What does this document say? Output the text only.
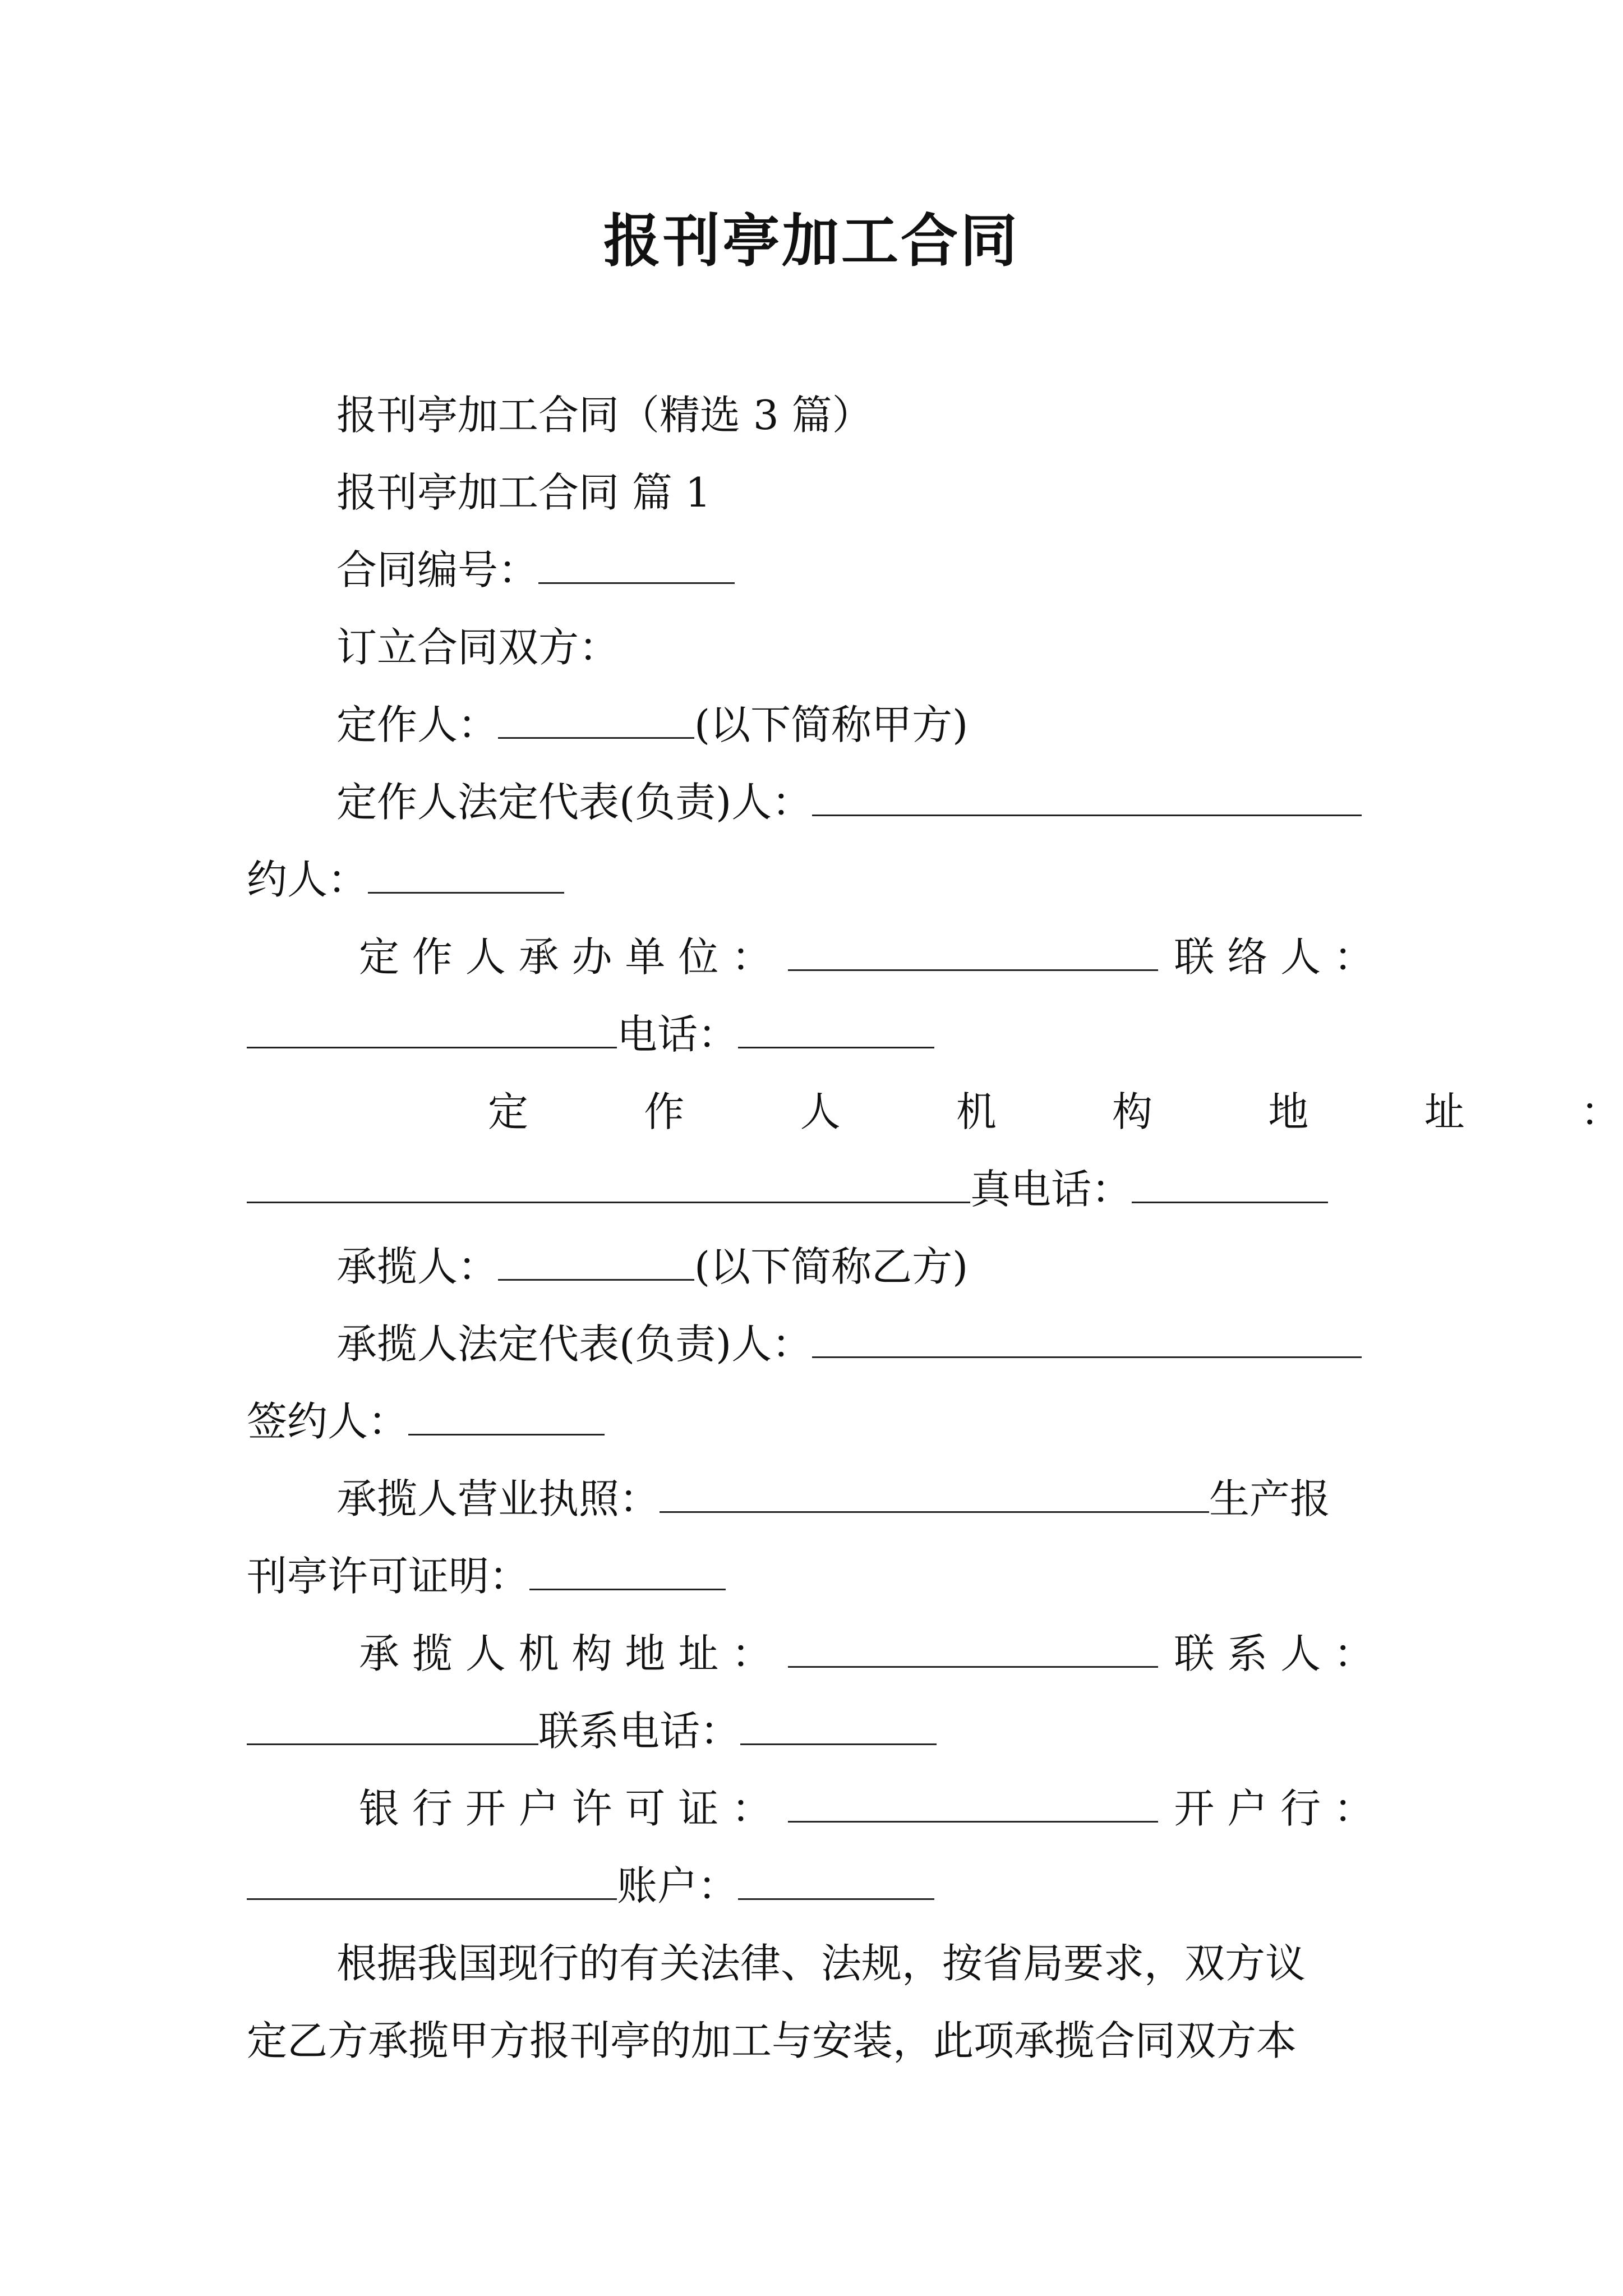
报刊亭加工合同
报刊亭加工合同（精选 3 篇）
报刊亭加工合同 篇 1
合同编号：
订立合同双方：
定作人：	(以下简称甲方)
定作人法定代表(负责)人：
约人：
定 作 人 承 办 单 位 ：	联 络 人 ：
电话：
定	作	人	机	构	地	址	：
真电话：
承揽人：	(以下简称乙方)
承揽人法定代表(负责)人：
签约人：
承揽人营业执照：	生产报
刊亭许可证明：
承 揽 人 机 构 地 址 ：	联 系 人 ：
联系电话：
银 行 开 户 许 可 证 ：	开 户 行 ：
账户：
根据我国现行的有关法律、法规，按省局要求，双方议
定乙方承揽甲方报刊亭的加工与安装，此项承揽合同双方本
